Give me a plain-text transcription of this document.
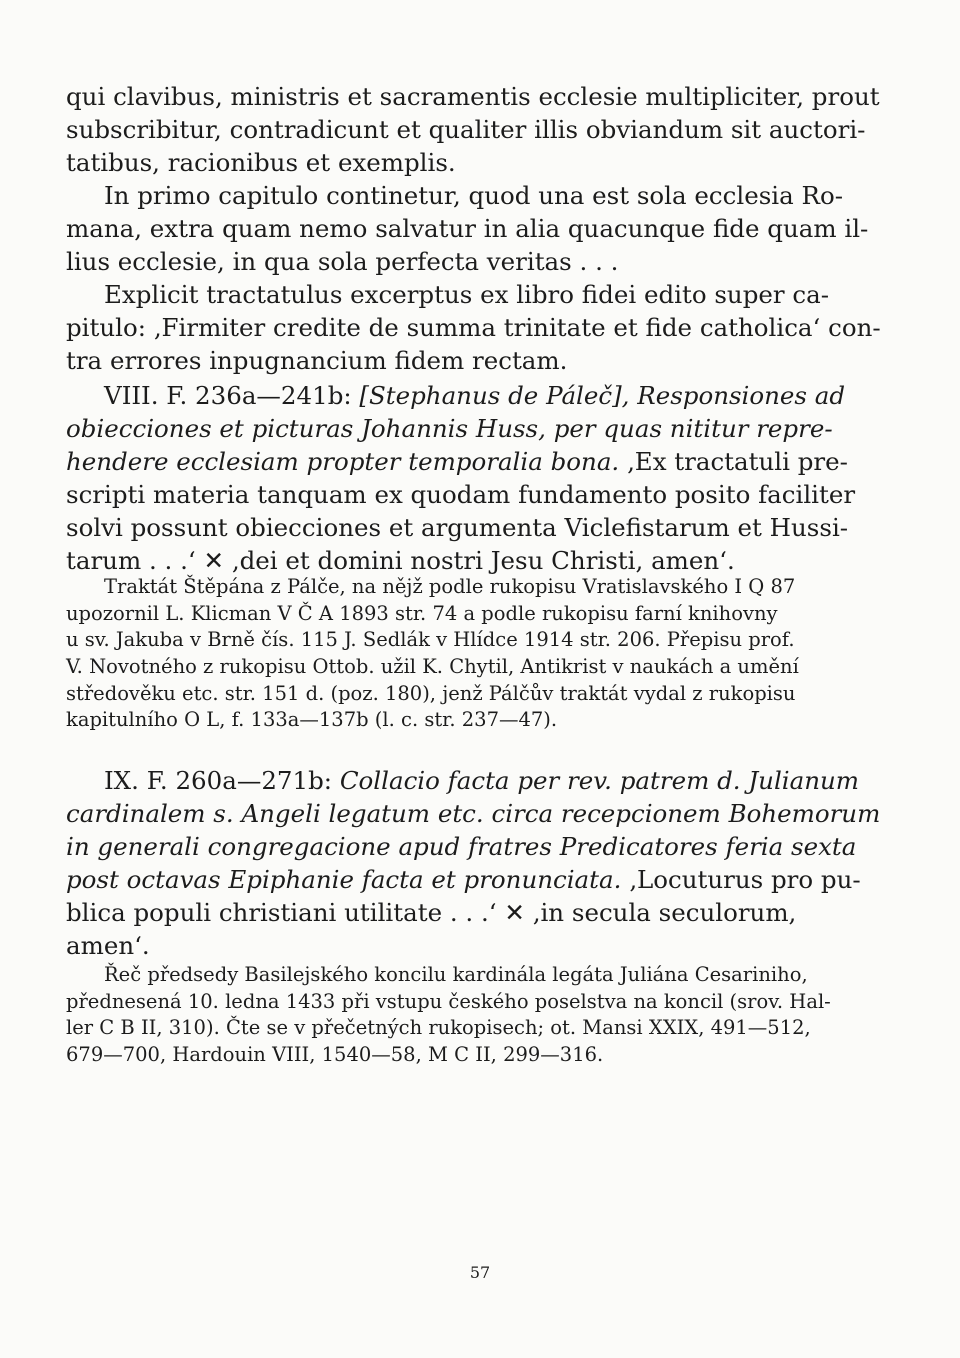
qui clavibus, ministris et sacramentis ecclesie multipliciter, prout
subscribitur, contradicunt et qualiter illis obviandum sit auctori-
tatibus, racionibus et exemplis.
In primo capitulo continetur, quod una est sola ecclesia Ro-
mana, extra quam nemo salvatur in alia quacunque fide quam il-
lius ecclesie, in qua sola perfecta veritas . . .
Explicit tractatulus excerptus ex libro fidei edito super ca-
pitulo: ‚Firmiter credite de summa trinitate et fide catholica‘ con-
tra errores inpugnancium fidem rectam.
VIII. F. 236a—241b: [Stephanus de Páleč], Responsiones ad
obiecciones et picturas Johannis Huss, per quas nititur repre-
hendere ecclesiam propter temporalia bona. ‚Ex tractatuli pre-
scripti materia tanquam ex quodam fundamento posito faciliter
solvi possunt obiecciones et argumenta Viclefistarum et Hussi-
tarum . . .‘ ✕ ‚dei et domini nostri Jesu Christi, amen‘.
Traktát Štěpána z Pálče, na nějž podle rukopisu Vratislavského I Q 87
upozornil L. Klicman V Č A 1893 str. 74 a podle rukopisu farní knihovny
u sv. Jakuba v Brně čís. 115 J. Sedlák v Hlídce 1914 str. 206. Přepisu prof.
V. Novotného z rukopisu Ottob. užil K. Chytil, Antikrist v naukách a umění
středověku etc. str. 151 d. (poz. 180), jenž Pálčův traktát vydal z rukopisu
kapitulního O L, f. 133a—137b (l. c. str. 237—47).
IX. F. 260a—271b: Collacio facta per rev. patrem d. Julianum
cardinalem s. Angeli legatum etc. circa recepcionem Bohemorum
in generali congregacione apud fratres Predicatores feria sexta
post octavas Epiphanie facta et pronunciata. ‚Locuturus pro pu-
blica populi christiani utilitate . . .‘ ✕ ‚in secula seculorum,
amen‘.
Řeč předsedy Basilejského koncilu kardinála legáta Juliána Cesariniho,
přednesená 10. ledna 1433 při vstupu českého poselstva na koncil (srov. Hal-
ler C B II, 310). Čte se v přečetných rukopisech; ot. Mansi XXIX, 491—512,
679—700, Hardouin VIII, 1540—58, M C II, 299—316.
57
